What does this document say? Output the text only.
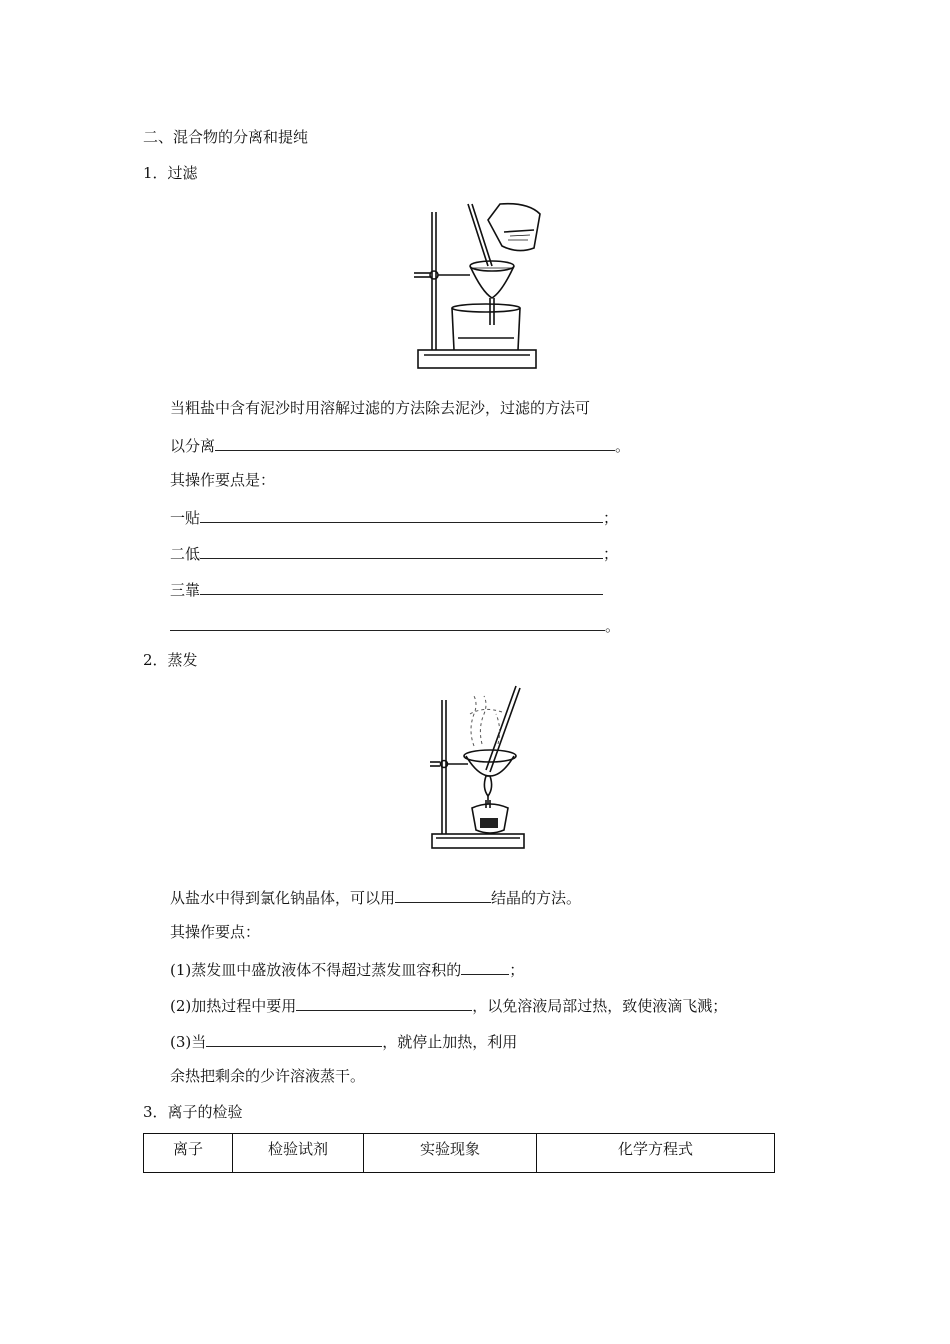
二、混合物的分离和提纯
1．过滤
当粗盐中含有泥沙时用溶解过滤的方法除去泥沙，过滤的方法可
以分离	。
其操作要点是：
一贴	；
二低	；
三靠
。
2．蒸发
从盐水中得到氯化钠晶体，可以用	结晶的方法。
其操作要点：
(1)蒸发皿中盛放液体不得超过蒸发皿容积的	；
(2)加热过程中要用	，以免溶液局部过热，致使液滴飞溅；
(3)当	，就停止加热，利用
余热把剩余的少许溶液蒸干。
3．离子的检验
离子	检验试剂	实验现象	化学方程式
